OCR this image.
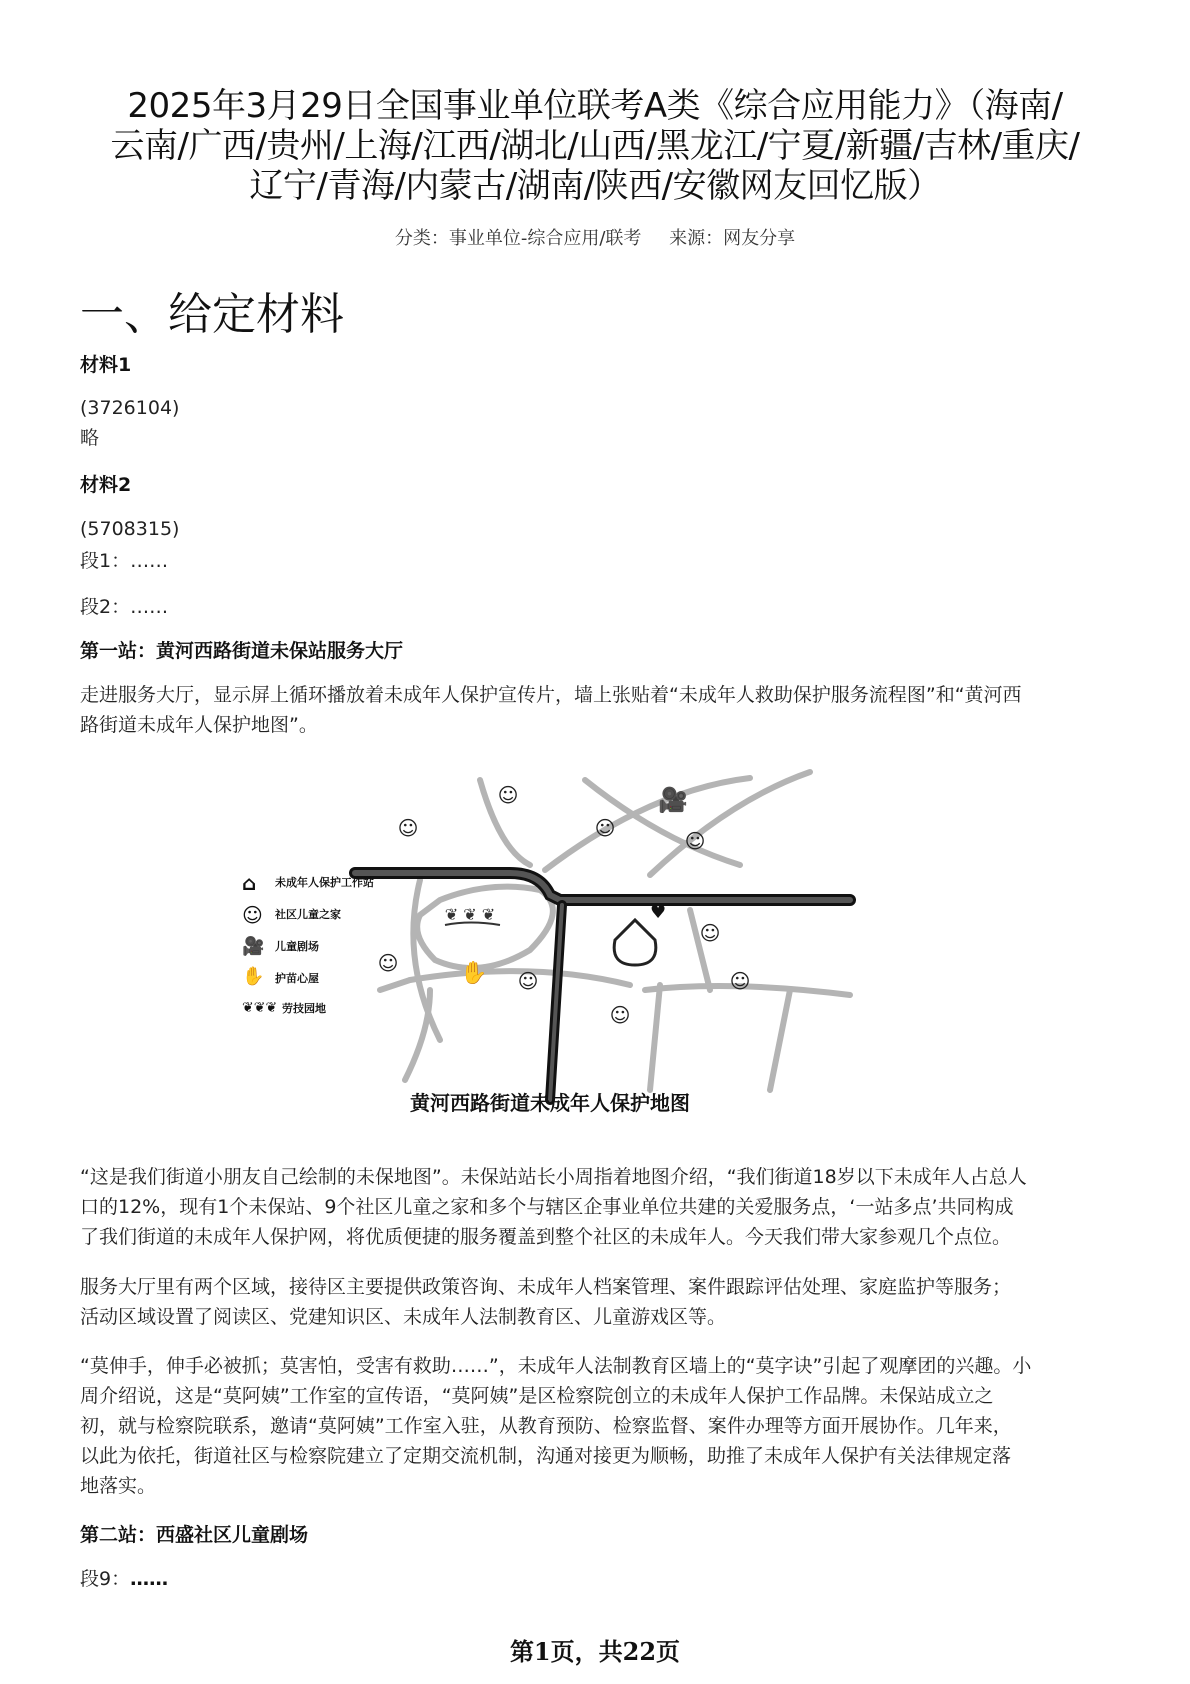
2025年3月29日全国事业单位联考A类《综合应用能力》（海南/
云南/广西/贵州/上海/江西/湖北/山西/黑龙江/宁夏/新疆/吉林/重庆/
辽宁/青海/内蒙古/湖南/陕西/安徽网友回忆版）
分类：事业单位-综合应用/联考 来源：网友分享
一、给定材料
材料1
(3726104)
略
材料2
(5708315)
段1：……
段2：……
第一站：黄河西路街道未保站服务大厅
走进服务大厅，显示屏上循环播放着未成年人保护宣传片，墙上张贴着“未成年人救助保护服务流程图”和“黄河西
路街道未成年人保护地图”。
❦ ❦ ❦	♥
☺
☺	☺
☺
☺
☺
☺	☺
☺
🎥
✋
⌂ 未成年人保护工作站
☺ 社区儿童之家
🎥 儿童剧场
✋ 护苗心屋
❦❦❦ 劳技园地
黄河西路街道未成年人保护地图
“这是我们街道小朋友自己绘制的未保地图”。未保站站长小周指着地图介绍，“我们街道18岁以下未成年人占总人
口的12%，现有1个未保站、9个社区儿童之家和多个与辖区企事业单位共建的关爱服务点，‘一站多点’共同构成
了我们街道的未成年人保护网，将优质便捷的服务覆盖到整个社区的未成年人。今天我们带大家参观几个点位。
服务大厅里有两个区域，接待区主要提供政策咨询、未成年人档案管理、案件跟踪评估处理、家庭监护等服务；
活动区域设置了阅读区、党建知识区、未成年人法制教育区、儿童游戏区等。
“莫伸手，伸手必被抓；莫害怕，受害有救助……”，未成年人法制教育区墙上的“莫字诀”引起了观摩团的兴趣。小
周介绍说，这是“莫阿姨”工作室的宣传语，“莫阿姨”是区检察院创立的未成年人保护工作品牌。未保站成立之
初，就与检察院联系，邀请“莫阿姨”工作室入驻，从教育预防、检察监督、案件办理等方面开展协作。几年来，
以此为依托，街道社区与检察院建立了定期交流机制，沟通对接更为顺畅，助推了未成年人保护有关法律规定落
地落实。
第二站：西盛社区儿童剧场
段9：……
第1页，共22页
